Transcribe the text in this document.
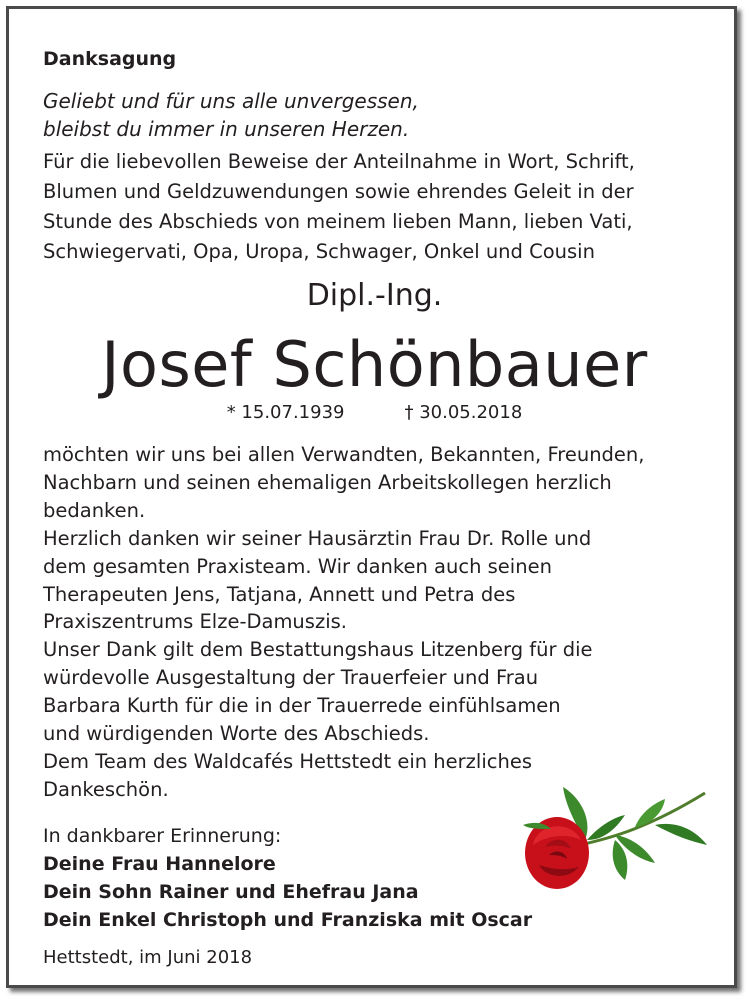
Danksagung
Geliebt und für uns alle unvergessen,
bleibst du immer in unseren Herzen.
Für die liebevollen Beweise der Anteilnahme in Wort, Schrift,
Blumen und Geldzuwendungen sowie ehrendes Geleit in der
Stunde des Abschieds von meinem lieben Mann, lieben Vati,
Schwiegervati, Opa, Uropa, Schwager, Onkel und Cousin
Dipl.-Ing.
Josef Schönbauer
* 15.07.1939	† 30.05.2018
möchten wir uns bei allen Verwandten, Bekannten, Freunden,
Nachbarn und seinen ehemaligen Arbeitskollegen herzlich
bedanken.
Herzlich danken wir seiner Hausärztin Frau Dr. Rolle und
dem gesamten Praxisteam. Wir danken auch seinen
Therapeuten Jens, Tatjana, Annett und Petra des
Praxiszentrums Elze-Damuszis.
Unser Dank gilt dem Bestattungshaus Litzenberg für die
würdevolle Ausgestaltung der Trauerfeier und Frau
Barbara Kurth für die in der Trauerrede einfühlsamen
und würdigenden Worte des Abschieds.
Dem Team des Waldcafés Hettstedt ein herzliches
Dankeschön.
In dankbarer Erinnerung:
Deine Frau Hannelore
Dein Sohn Rainer und Ehefrau Jana
Dein Enkel Christoph und Franziska mit Oscar
Hettstedt, im Juni 2018
